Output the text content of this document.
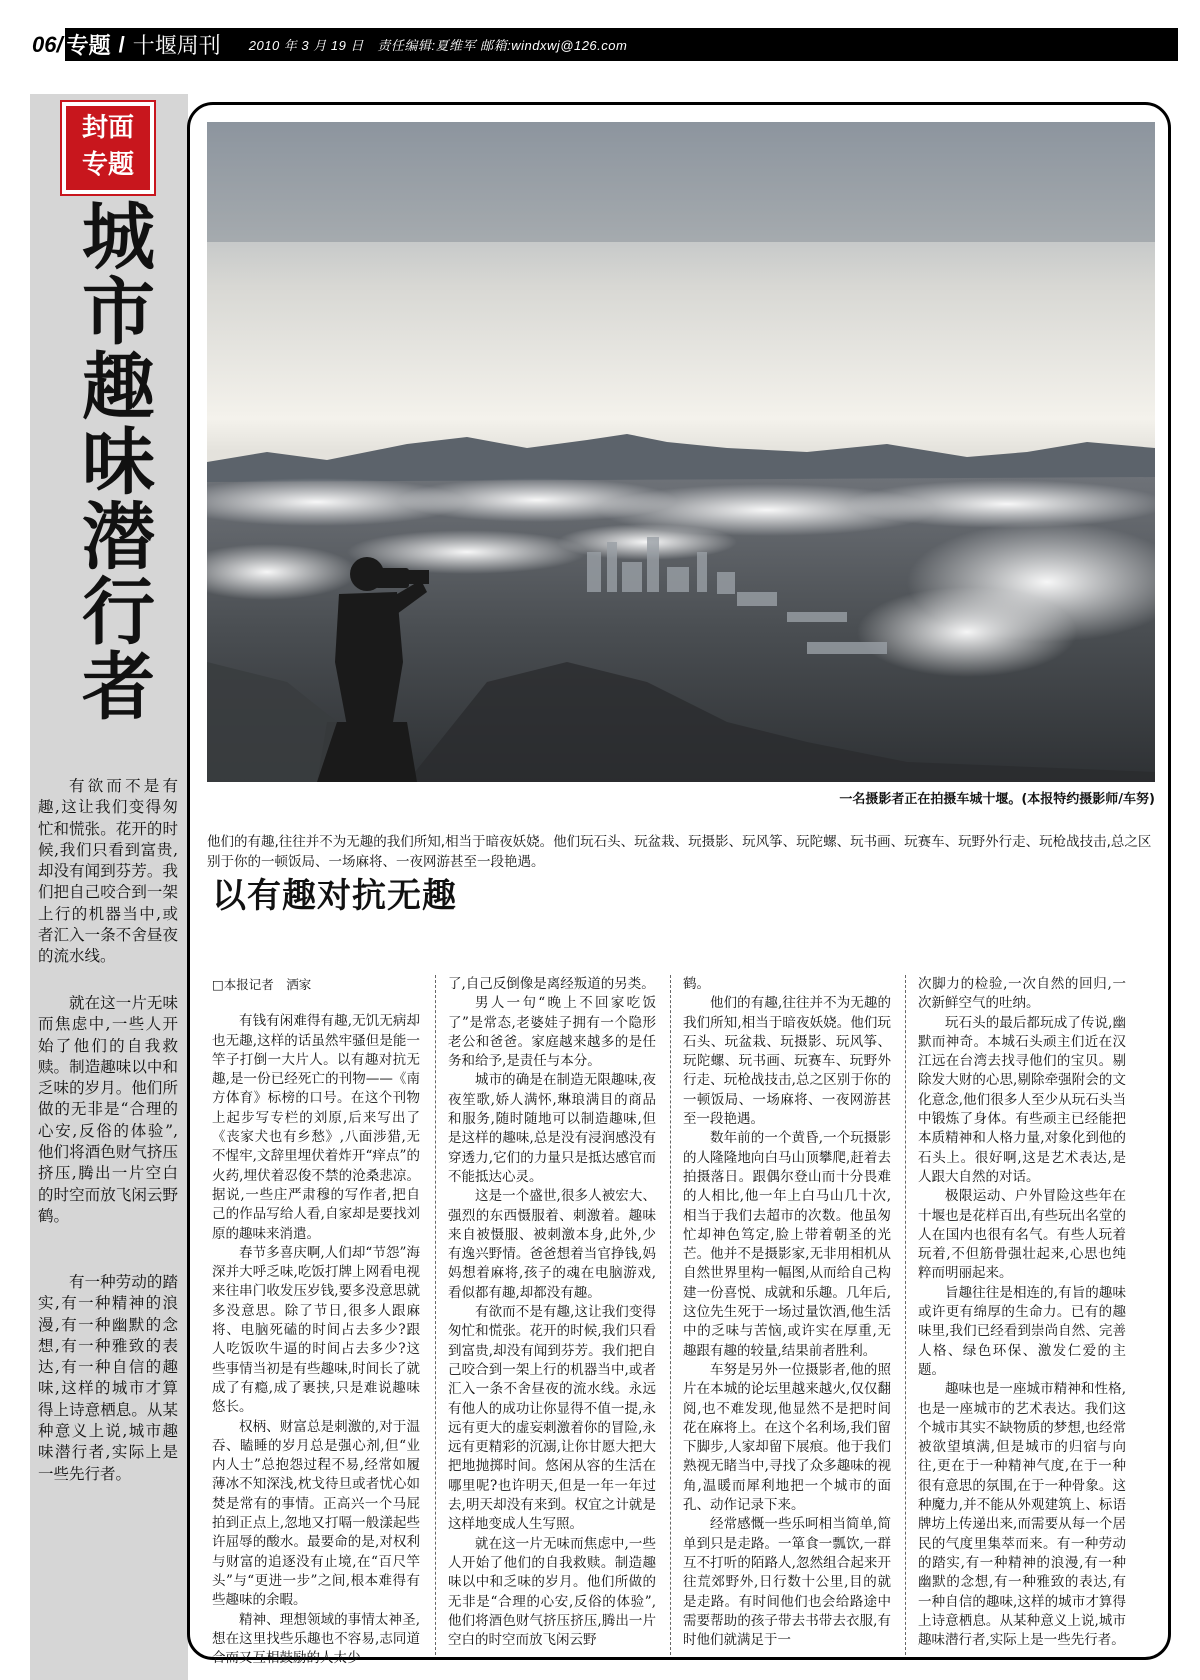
06/ 专题 / 十堰周刊 2010 年 3 月 19 日　责任编辑:夏维军 邮箱:windxwj@126.com
封面
专题
城市趣味潜行者
有欲而不是有趣,这让我们变得匆忙和慌张。花开的时候,我们只看到富贵,却没有闻到芬芳。我们把自己咬合到一架上行的机器当中,或者汇入一条不舍昼夜的流水线。
就在这一片无味而焦虑中,一些人开始了他们的自我救赎。制造趣味以中和乏味的岁月。他们所做的无非是“合理的心安,反俗的体验”,他们将酒色财气挤压挤压,腾出一片空白的时空而放飞闲云野鹤。
有一种劳动的踏实,有一种精神的浪漫,有一种幽默的念想,有一种雅致的表达,有一种自信的趣味,这样的城市才算得上诗意栖息。从某种意义上说,城市趣味潜行者,实际上是一些先行者。
一名摄影者正在拍摄车城十堰。(本报特约摄影师/车努)
他们的有趣,往往并不为无趣的我们所知,相当于暗夜妖娆。他们玩石头、玩盆栽、玩摄影、玩风筝、玩陀螺、玩书画、玩赛车、玩野外行走、玩枪战技击,总之区别于你的一顿饭局、一场麻将、一夜网游甚至一段艳遇。
以有趣对抗无趣
□本报记者　洒家

有钱有闲难得有趣,无饥无病却也无趣,这样的话虽然牢骚但是能一竿子打倒一大片人。以有趣对抗无趣,是一份已经死亡的刊物——《南方体育》标榜的口号。在这个刊物上起步写专栏的刘原,后来写出了《丧家犬也有乡愁》,八面涉猎,无不惺牢,文辞里埋伏着炸开“痒点”的火药,埋伏着忍俊不禁的沧桑悲凉。据说,一些庄严肃穆的写作者,把自己的作品写给人看,自家却是要找刘原的趣味来消遣。

春节多喜庆啊,人们却“节怨”海深并大呼乏味,吃饭打牌上网看电视来往串门收发压岁钱,要多没意思就多没意思。除了节日,很多人跟麻将、电脑死磕的时间占去多少?跟人吃饭吹牛逼的时间占去多少?这些事情当初是有些趣味,时间长了就成了有瘾,成了裹挟,只是难说趣味悠长。

权柄、财富总是刺激的,对于温吞、瞌睡的岁月总是强心剂,但“业内人士”总抱怨过程不易,经常如履薄冰不知深浅,枕戈待旦或者忧心如焚是常有的事情。正高兴一个马屁拍到正点上,忽地又打嗝一般漾起些许屈辱的酸水。最要命的是,对权利与财富的追逐没有止境,在“百尺竿头”与“更进一步”之间,根本难得有些趣味的余暇。

精神、理想领域的事情太神圣,想在这里找些乐趣也不容易,志同道合而又互相鼓励的人太少

了,自己反倒像是离经叛道的另类。

男人一句“晚上不回家吃饭了”是常态,老婆娃子拥有一个隐形老公和爸爸。家庭越来越多的是任务和给予,是责任与本分。

城市的确是在制造无限趣味,夜夜笙歌,娇人满怀,琳琅满目的商品和服务,随时随地可以制造趣味,但是这样的趣味,总是没有浸润感没有穿透力,它们的力量只是抵达感官而不能抵达心灵。

这是一个盛世,很多人被宏大、强烈的东西慑服着、刺激着。趣味来自被慑服、被刺激本身,此外,少有逸兴野情。爸爸想着当官挣钱,妈妈想着麻将,孩子的魂在电脑游戏,看似都有趣,却都没有趣。

有欲而不是有趣,这让我们变得匆忙和慌张。花开的时候,我们只看到富贵,却没有闻到芬芳。我们把自己咬合到一架上行的机器当中,或者汇入一条不舍昼夜的流水线。永远有他人的成功让你显得不值一提,永远有更大的虚妄刺激着你的冒险,永远有更精彩的沉溺,让你甘愿大把大把地抛掷时间。悠闲从容的生活在哪里呢?也许明天,但是一年一年过去,明天却没有来到。权宜之计就是这样地变成人生写照。

就在这一片无味而焦虑中,一些人开始了他们的自我救赎。制造趣味以中和乏味的岁月。他们所做的无非是“合理的心安,反俗的体验”,他们将酒色财气挤压挤压,腾出一片空白的时空而放飞闲云野

鹤。

他们的有趣,往往并不为无趣的我们所知,相当于暗夜妖娆。他们玩石头、玩盆栽、玩摄影、玩风筝、玩陀螺、玩书画、玩赛车、玩野外行走、玩枪战技击,总之区别于你的一顿饭局、一场麻将、一夜网游甚至一段艳遇。

数年前的一个黄昏,一个玩摄影的人隆隆地向白马山顶攀爬,赶着去拍摄落日。跟偶尔登山而十分畏难的人相比,他一年上白马山几十次,相当于我们去超市的次数。他虽匆忙却神色笃定,脸上带着朝圣的光芒。他并不是摄影家,无非用相机从自然世界里构一幅图,从而给自己构建一份喜悦、成就和乐趣。几年后,这位先生死于一场过量饮酒,他生活中的乏味与苦恼,或许实在厚重,无趣跟有趣的较量,结果前者胜利。

车努是另外一位摄影者,他的照片在本城的论坛里越来越火,仅仅翻阅,也不难发现,他显然不是把时间花在麻将上。在这个名利场,我们留下脚步,人家却留下展痕。他于我们熟视无睹当中,寻找了众多趣味的视角,温暖而犀利地把一个城市的面孔、动作记录下来。

经常感慨一些乐呵相当简单,简单到只是走路。一箪食一瓢饮,一群互不打听的陌路人,忽然组合起来开往荒郊野外,日行数十公里,目的就是走路。有时间他们也会给路途中需要帮助的孩子带去书带去衣服,有时他们就满足于一

次脚力的检验,一次自然的回归,一次新鲜空气的吐纳。

玩石头的最后都玩成了传说,幽默而神奇。本城石头顽主们近在汉江远在台湾去找寻他们的宝贝。剔除发大财的心思,剔除牵强附会的文化意念,他们很多人至少从玩石头当中锻炼了身体。有些顽主已经能把本质精神和人格力量,对象化到他的石头上。很好啊,这是艺术表达,是人跟大自然的对话。

极限运动、户外冒险这些年在十堰也是花样百出,有些玩出名堂的人在国内也很有名气。有些人玩着玩着,不但筋骨强壮起来,心思也纯粹而明丽起来。

旨趣往往是相连的,有旨的趣味或许更有绵厚的生命力。已有的趣味里,我们已经看到崇尚自然、完善人格、绿色环保、激发仁爱的主题。

趣味也是一座城市精神和性格,也是一座城市的艺术表达。我们这个城市其实不缺物质的梦想,也经常被欲望填满,但是城市的归宿与向往,更在于一种精神气度,在于一种很有意思的氛围,在于一种骨象。这种魔力,并不能从外观建筑上、标语牌坊上传递出来,而需要从每一个居民的气度里集萃而来。有一种劳动的踏实,有一种精神的浪漫,有一种幽默的念想,有一种雅致的表达,有一种自信的趣味,这样的城市才算得上诗意栖息。从某种意义上说,城市趣味潜行者,实际上是一些先行者。
